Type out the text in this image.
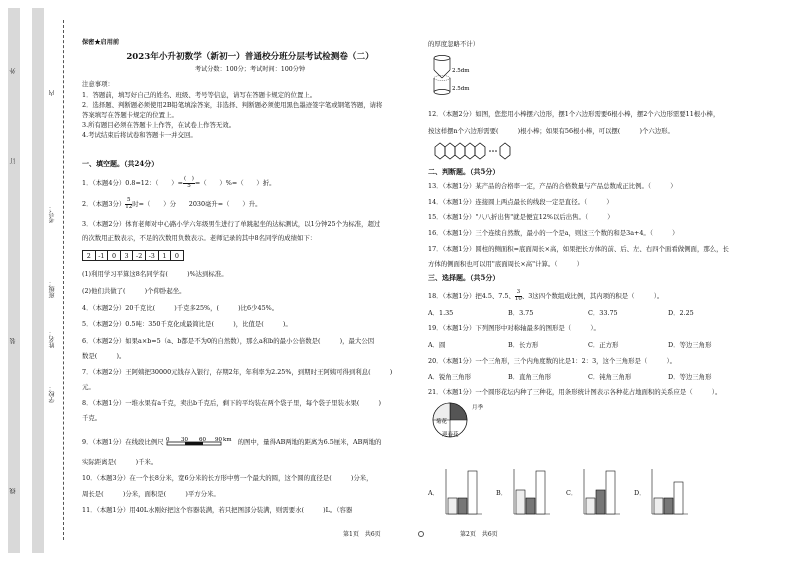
外
订
装
线
内
考号：
班级：
姓名：
学校：
保密★启用前
2023年小升初数学（新初一）普通校分班分层考试检测卷（二）
考试分数：100分；考试时间：100分钟
注意事项：
1．答题前，填写好自己的姓名、班级、考号等信息，请写在答题卡规定的位置上。
2．选择题、判断题必须使用2B铅笔填涂答案，非选择、判断题必须使用黑色墨迹签字笔或钢笔答题，请将
答案填写在答题卡规定的位置上。
3.所有题目必须在答题卡上作答，在试卷上作答无效。
4.考试结束后将试卷和答题卡一并交回。
一、填空题。（共24分）
1．（本题4分）0.8=12：（　　）= $\frac{( )}{5}$ =（　　）%=（　　）折。
2．（本题3分） $\frac{5}{12}$ 时=（　　）分　　2030毫升=（　　）升。
3．（本题2分）体育老师对中心路小学六年级男生进行了单跳起坐的达标测试，以1分钟25个为标准，超过
的次数用正数表示，不足的次数用负数表示。老师记录的其中8名同学的成绩如下：
2	-1	0	3	-2 -3	1	0
(1)利用学习平算这8名同学有(　　　)%达到标准。
(2)他们共做了(　　　)个仰卧起坐。
4．（本题2分）20千克比(　　　)千克多25%，(　　　)比6少45%。
5．（本题2分）0.5吨：350千克化成最简比是(　　　)，比值是(　　　)。
6．（本题2分）如果a×b=5（a、b都是不为0的自然数），那么a和b的最小公倍数是(　　　)，最大公因
数是(　　　)。
7．（本题2分）王阿姨把30000元钱存入银行，存期2年，年利率为2.25%，到期时王阿姨可得到利息(　　　)
元。
8．（本题1分）一堆水果有a千克，卖出b千克后，剩下的平均装在两个袋子里，每个袋子里装水果(　　　)
千克。
9．（本题1分）在线段比例尺 0 30 60 90 km 的图中，量得AB两地的距离为6.5厘米，AB两地的
实际距离是(　　　)千米。
10．（本题3分）在一个长8分米，宽6分米的长方形中剪一个最大的圆，这个圆的直径是(　　　)分米，
周长是(　　　)分米，面积是(　　　)平方分米。
11．（本题1分）用40L水刚好把这个容器装满，若只把图部分装满，则需要水(　　　)L。（容器
的厚度忽略不计）
2.5dm
2.5dm
12．（本题2分）如图，您您用小棒摆六边形，摆1个六边形需要6根小棒，摆2个六边形需要11根小棒，
按这样摆n个六边形需要(　　　)根小棒；如果有56根小棒，可以摆(　　　)个六边形。
二、判断题。（共5分）
13．（本题1分）某产品的合格率一定，产品的合格数量与产品总数成正比例。（　　　）
14．（本题1分）连接圆上两点最长的线段一定是直径。（　　　）
15．（本题1分）"八八折出售"就是便宜12%以后出售。（　　　）
16．（本题1分）三个连续自然数，最小的一个是a，则这三个数的和是3a+4。（　　　）
17．（本题1分）圆柱的侧面积=底面周长×高，如果把长方体的前、后、左、右四个面看做侧面，那么，长
方体的侧面积也可以用"底面周长×高"计算。（　　　）
三、选择题。（共5分）
18．（本题1分）把4.5、7.5、 $\frac{3}{10}$ 、3这四个数组成比例，其内项的积是（　　　）。
A．1.35	B．3.75	C．33.75	D．2.25
19．（本题1分）下列图形中对称轴最多的图形是（　　　）。
A．圆	B．长方形	C．正方形	D．等边三角形
20．（本题1分）一个三角形，三个内角度数的比是1：2：3，这个三角形是（　　　）。
A．锐角三角形	B．直角三角形	C．钝角三角形	D．等边三角形
21．（本题1分）一个圆形花坛内种了三种花，用条形统计图表示各种花占地面积的关系应是（　　　）。
月季
菊花
迎春花
A．	B．	C．	D．
第1页　共6页	第2页　共6页
